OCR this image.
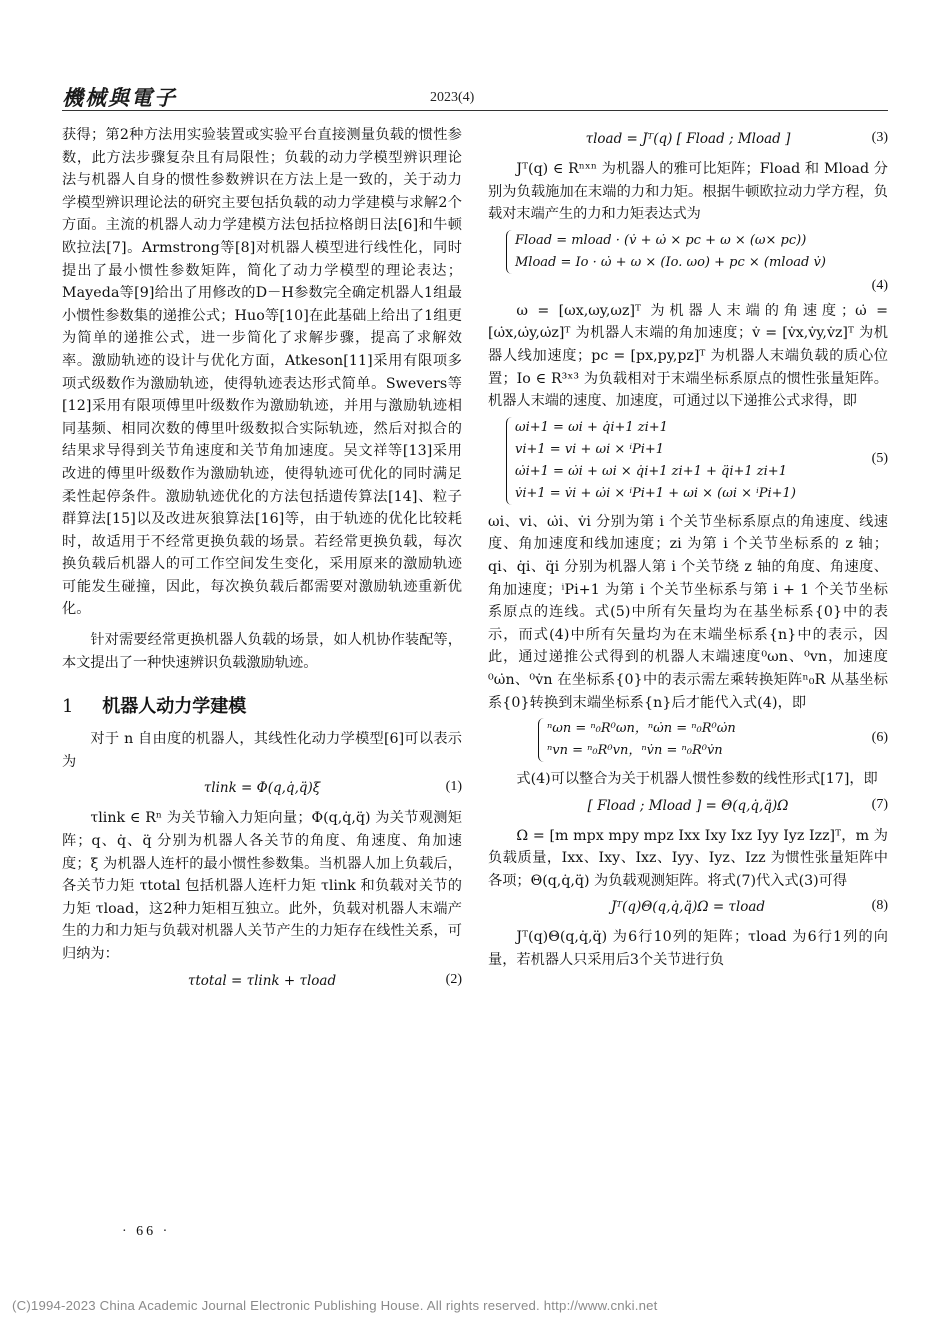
機械與電子	2023(4)

获得；第2种方法用实验装置或实验平台直接测量负载的惯性参数，此方法步骤复杂且有局限性；负载的动力学模型辨识理论法与机器人自身的惯性参数辨识在方法上是一致的，关于动力学模型辨识理论法的研究主要包括负载的动力学建模与求解2个方面。主流的机器人动力学建模方法包括拉格朗日法[6]和牛顿欧拉法[7]。Armstrong等[8]对机器人模型进行线性化，同时提出了最小惯性参数矩阵，简化了动力学模型的理论表达；Mayeda等[9]给出了用修改的D－H参数完全确定机器人1组最小惯性参数集的递推公式；Huo等[10]在此基础上给出了1组更为简单的递推公式，进一步简化了求解步骤，提高了求解效率。激励轨迹的设计与优化方面，Atkeson[11]采用有限项多项式级数作为激励轨迹，使得轨迹表达形式简单。Swevers等[12]采用有限项傅里叶级数作为激励轨迹，并用与激励轨迹相同基频、相同次数的傅里叶级数拟合实际轨迹，然后对拟合的结果求导得到关节角速度和关节角加速度。吴文祥等[13]采用改进的傅里叶级数作为激励轨迹，使得轨迹可优化的同时满足柔性起停条件。激励轨迹优化的方法包括遗传算法[14]、粒子群算法[15]以及改进灰狼算法[16]等，由于轨迹的优化比较耗时，故适用于不经常更换负载的场景。若经常更换负载，每次换负载后机器人的可工作空间发生变化，采用原来的激励轨迹可能发生碰撞，因此，每次换负载后都需要对激励轨迹重新优化。

针对需要经常更换机器人负载的场景，如人机协作装配等，本文提出了一种快速辨识负载激励轨迹。

1 机器人动力学建模

对于 n 自由度的机器人，其线性化动力学模型[6]可以表示为

τlink = Φ(q,q̇,q̈)ξ	(1)

τlink ∈ Rⁿ 为关节输入力矩向量；Φ(q,q̇,q̈) 为关节观测矩阵；q、q̇、q̈ 分别为机器人各关节的角度、角速度、角加速度；ξ 为机器人连杆的最小惯性参数集。当机器人加上负载后，各关节力矩 τtotal 包括机器人连杆力矩 τlink 和负载对关节的力矩 τload，这2种力矩相互独立。此外，负载对机器人末端产生的力和力矩与负载对机器人关节产生的力矩存在线性关系，可归纳为：

τtotal = τlink + τload	(2)
τload = Jᵀ(q) [ Fload ; Mload ]	(3)

Jᵀ(q) ∈ Rⁿˣⁿ 为机器人的雅可比矩阵；Fload 和 Mload 分别为负载施加在末端的力和力矩。根据牛顿欧拉动力学方程，负载对末端产生的力和力矩表达式为

Fload = mload · (v̇ + ω̇ × pc + ω × (ω× pc))
Mload = Io · ω̇ + ω × (Io. ωo) + pc × (mload v̇)
(4)

ω = [ωx,ωy,ωz]ᵀ 为机器人末端的角速度；ω̇ = [ω̇x,ω̇y,ω̇z]ᵀ 为机器人末端的角加速度；v̇ = [v̇x,v̇y,v̇z]ᵀ 为机器人线加速度；pc = [px,py,pz]ᵀ 为机器人末端负载的质心位置；Io ∈ R³ˣ³ 为负载相对于末端坐标系原点的惯性张量矩阵。机器人末端的速度、加速度，可通过以下递推公式求得，即

ωi+1 = ωi + q̇i+1 zi+1
vi+1 = vi + ωi × ⁱPi+1
ω̇i+1 = ω̇i + ωi × q̇i+1 zi+1 + q̈i+1 zi+1
v̇i+1 = v̇i + ω̇i × ⁱPi+1 + ωi × (ωi × ⁱPi+1)
(5)

ωi、vi、ω̇i、v̇i 分别为第 i 个关节坐标系原点的角速度、线速度、角加速度和线加速度；zi 为第 i 个关节坐标系的 z 轴；qi、q̇i、q̈i 分别为机器人第 i 个关节绕 z 轴的角度、角速度、角加速度；ⁱPi+1 为第 i 个关节坐标系与第 i + 1 个关节坐标系原点的连线。式(5)中所有矢量均为在基坐标系{0}中的表示，而式(4)中所有矢量均为在末端坐标系{n}中的表示，因此，通过递推公式得到的机器人末端速度⁰ωn、⁰vn，加速度⁰ω̇n、⁰v̇n 在坐标系{0}中的表示需左乘转换矩阵ⁿ₀R 从基坐标系{0}转换到末端坐标系{n}后才能代入式(4)，即

ⁿωn = ⁿ₀R⁰ωn，ⁿω̇n = ⁿ₀R⁰ω̇n
ⁿvn = ⁿ₀R⁰vn，ⁿv̇n = ⁿ₀R⁰v̇n
(6)

式(4)可以整合为关于机器人惯性参数的线性形式[17]，即

[ Fload ; Mload ] = Θ(q,q̇,q̈)Ω	(7)

Ω = [m mpx mpy mpz Ixx Ixy Ixz Iyy Iyz Izz]ᵀ，m 为负载质量，Ixx、Ixy、Ixz、Iyy、Iyz、Izz 为惯性张量矩阵中各项；Θ(q,q̇,q̈) 为负载观测矩阵。将式(7)代入式(3)可得

Jᵀ(q)Θ(q,q̇,q̈)Ω = τload	(8)

Jᵀ(q)Θ(q,q̇,q̈) 为6行10列的矩阵；τload 为6行1列的向量，若机器人只采用后3个关节进行负

· 66 ·
(C)1994-2023 China Academic Journal Electronic Publishing House. All rights reserved. http://www.cnki.net
